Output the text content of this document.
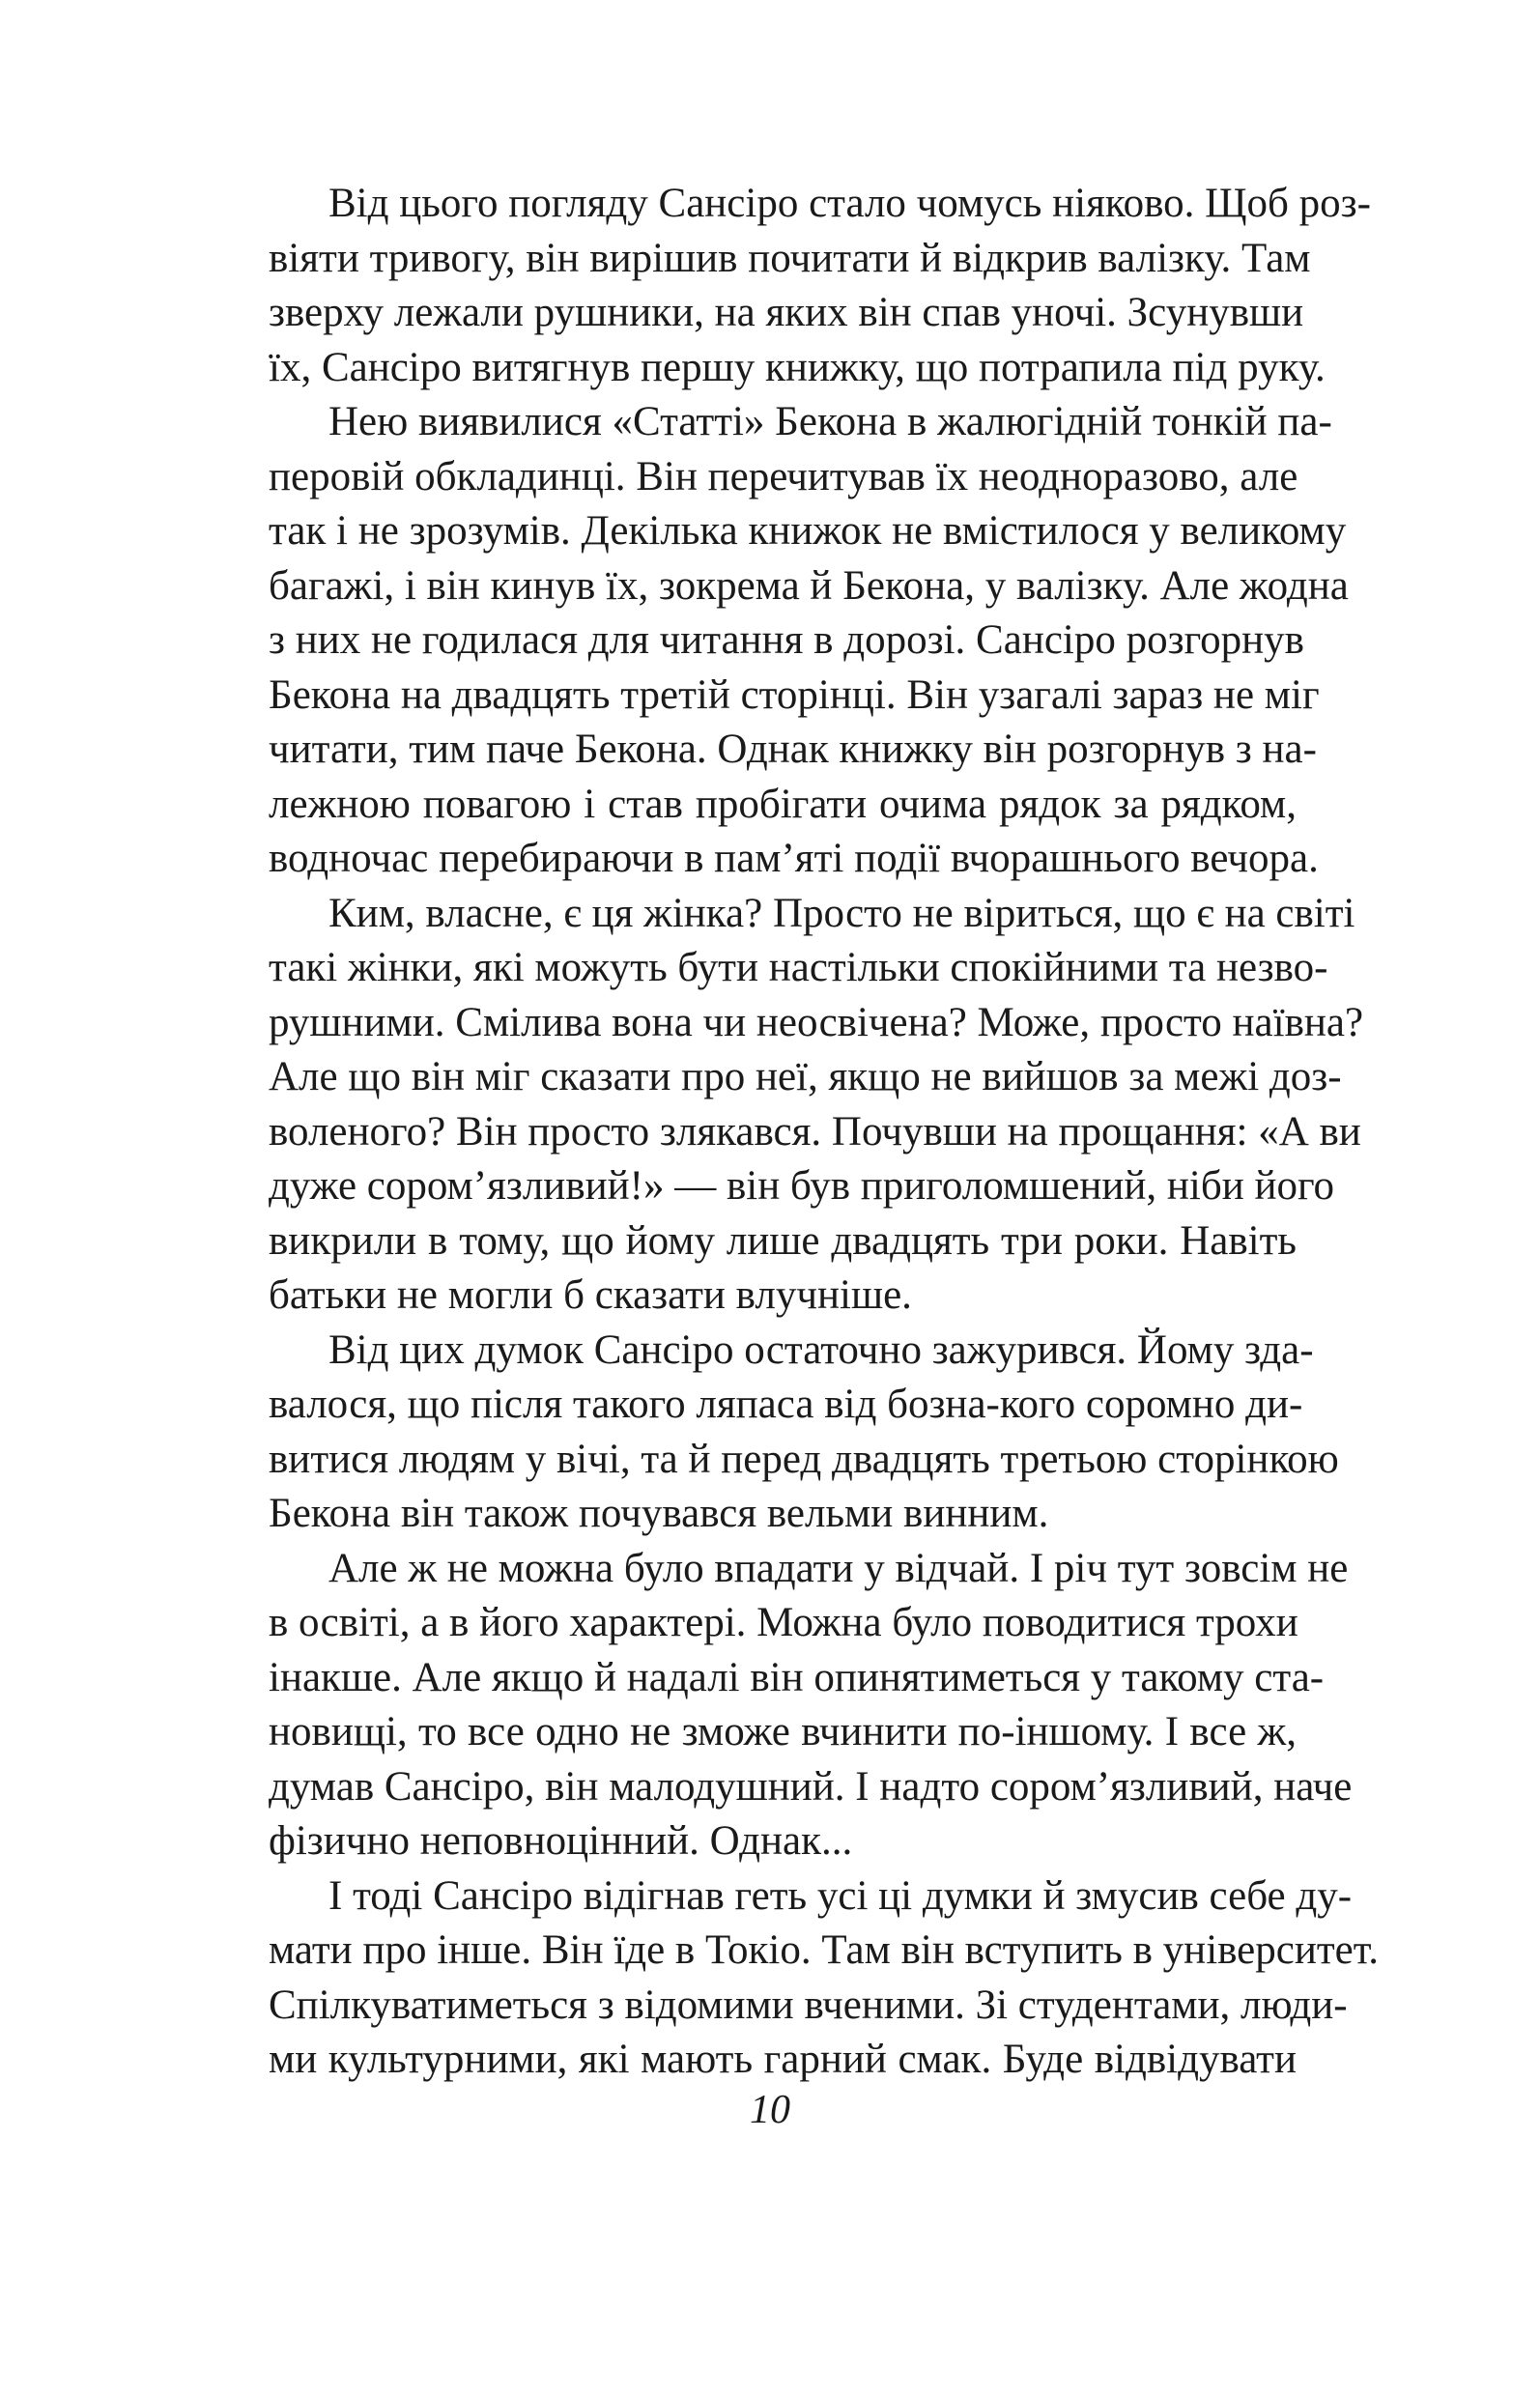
Від цього погляду Сансіро стало чомусь ніяково. Щоб роз-
віяти тривогу, він вирішив почитати й відкрив валізку. Там
зверху лежали рушники, на яких він спав уночі. Зсунувши
їх, Сансіро витягнув першу книжку, що потрапила під руку.

Нею виявилися «Статті» Бекона в жалюгідній тонкій па-
перовій обкладинці. Він перечитував їх неодноразово, але
так і не зрозумів. Декілька книжок не вмістилося у великому
багажі, і він кинув їх, зокрема й Бекона, у валізку. Але жодна
з них не годилася для читання в дорозі. Сансіро розгорнув
Бекона на двадцять третій сторінці. Він узагалі зараз не міг
читати, тим паче Бекона. Однак книжку він розгорнув з на-
лежною повагою і став пробігати очима рядок за рядком,
водночас перебираючи в пам’яті події вчорашнього вечора.

Ким, власне, є ця жінка? Просто не віриться, що є на світі
такі жінки, які можуть бути настільки спокійними та незво-
рушними. Смілива вона чи неосвічена? Може, просто наївна?
Але що він міг сказати про неї, якщо не вийшов за межі доз-
воленого? Він просто злякався. Почувши на прощання: «А ви
дуже сором’язливий!» — він був приголомшений, ніби його
викрили в тому, що йому лише двадцять три роки. Навіть
батьки не могли б сказати влучніше.

Від цих думок Сансіро остаточно зажурився. Йому зда-
валося, що після такого ляпаса від бозна-кого соромно ди-
витися людям у вічі, та й перед двадцять третьою сторінкою
Бекона він також почувався вельми винним.

Але ж не можна було впадати у відчай. І річ тут зовсім не
в освіті, а в його характері. Можна було поводитися трохи
інакше. Але якщо й надалі він опинятиметься у такому ста-
новищі, то все одно не зможе вчинити по-іншому. І все ж,
думав Сансіро, він малодушний. І надто сором’язливий, наче
фізично неповноцінний. Однак...

І тоді Сансіро відігнав геть усі ці думки й змусив себе ду-
мати про інше. Він їде в Токіо. Там він вступить в університет.
Спілкуватиметься з відомими вченими. Зі студентами, люди-
ми культурними, які мають гарний смак. Буде відвідувати

10
